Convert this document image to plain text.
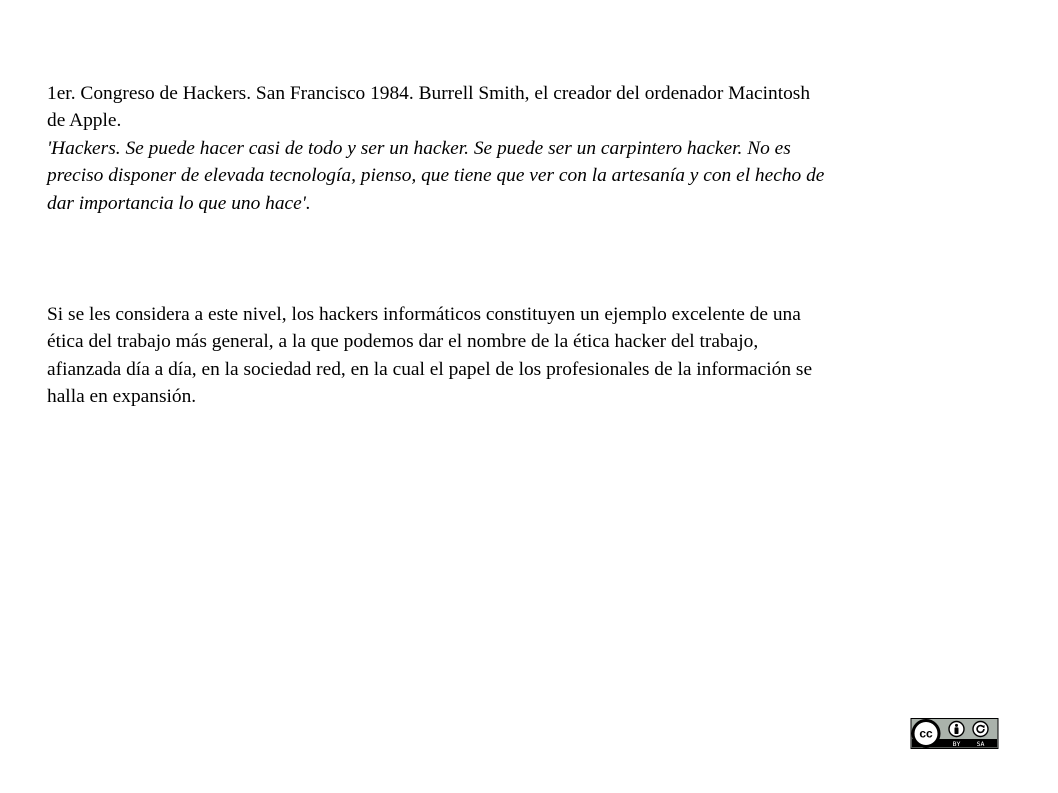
1er. Congreso de Hackers. San Francisco 1984. Burrell Smith, el creador del ordenador Macintosh
de Apple.
'Hackers. Se puede hacer casi de todo y ser un hacker. Se puede ser un carpintero hacker. No es
preciso disponer de elevada tecnología, pienso, que tiene que ver con la artesanía y con el hecho de
dar importancia lo que uno hace'.
Si se les considera a este nivel, los hackers informáticos constituyen un ejemplo excelente de una
ética del trabajo más general, a la que podemos dar el nombre de la ética hacker del trabajo,
afianzada día a día, en la sociedad red, en la cual el papel de los profesionales de la información se
halla en expansión.
cc
BY SA
